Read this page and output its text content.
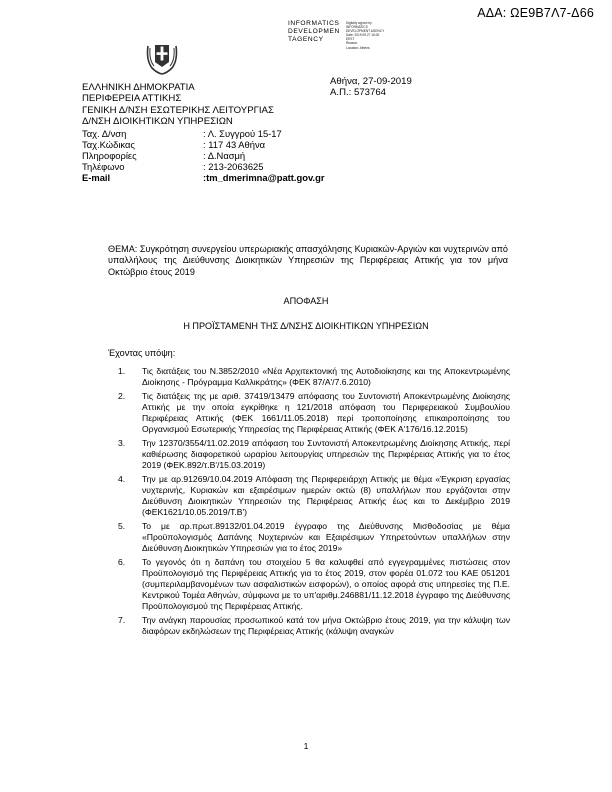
ΑΔΑ: ΩΕ9Β7Λ7-Δ66
INFORMATICS
DEVELOPMEN
TAGENCY
Digitally signed by
INFORMATICS
DEVELOPMENT AGENCY
Date: 2019.09.27 16:00
EEST
Reason:
Location: Athens
ΕΛΛΗΝΙΚΗ ΔΗΜΟΚΡΑΤΙΑ
ΠΕΡΙΦΕΡΕΙΑ ΑΤΤΙΚΗΣ
ΓΕΝΙΚΗ Δ/ΝΣΗ ΕΣΩΤΕΡΙΚΗΣ ΛΕΙΤΟΥΡΓΙΑΣ
Δ/ΝΣΗ ΔΙΟΙΚΗΤΙΚΩΝ ΥΠΗΡΕΣΙΩΝ
Αθήνα, 27-09-2019
Α.Π.: 573764
Ταχ. Δ/νση	: Λ. Συγγρού 15-17
Ταχ.Κώδικας	: 117 43 Αθήνα
Πληροφορίες	: Δ.Νασμή
Τηλέφωνο	: 213-2063625
E-mail	:tm_dmerimna@patt.gov.gr
ΘΕΜΑ: Συγκρότηση συνεργείου υπερωριακής απασχόλησης Κυριακών-Αργιών και νυχτερινών από υπαλλήλους της Διεύθυνσης Διοικητικών Υπηρεσιών της Περιφέρειας Αττικής για τον μήνα Οκτώβριο έτους 2019
ΑΠΟΦΑΣΗ
Η ΠΡΟΪΣΤΑΜΕΝΗ ΤΗΣ Δ/ΝΣΗΣ ΔΙΟΙΚΗΤΙΚΩΝ ΥΠΗΡΕΣΙΩΝ
Έχοντας υπόψη:
1. Τις διατάξεις του Ν.3852/2010 «Νέα Αρχιτεκτονική της Αυτοδιοίκησης και της Αποκεντρωμένης Διοίκησης - Πρόγραμμα Καλλικράτης» (ΦΕΚ 87/Α'/7.6.2010)
2. Τις διατάξεις της με αριθ. 37419/13479 απόφασης του Συντονιστή Αποκεντρωμένης Διοίκησης Αττικής με την οποία εγκρίθηκε η 121/2018 απόφαση του Περιφερειακού Συμβουλίου Περιφέρειας Αττικής (ΦΕΚ 1661/11.05.2018) περί τροποποίησης επικαιροποίησης του Οργανισμού Εσωτερικής Υπηρεσίας της Περιφέρειας Αττικής (ΦΕΚ Α'176/16.12.2015)
3. Την 12370/3554/11.02.2019 απόφαση του Συντονιστή Αποκεντρωμένης Διοίκησης Αττικής, περί καθιέρωσης διαφορετικού ωραρίου λειτουργίας υπηρεσιών της Περιφέρειας Αττικής για το έτος 2019 (ΦΕΚ.892/τ.Β'/15.03.2019)
4. Την με αρ.91269/10.04.2019 Απόφαση της Περιφερειάρχη Αττικής με θέμα «Έγκριση εργασίας νυχτερινής, Κυριακών και εξαιρέσιμων ημερών οκτώ (8) υπαλλήλων που εργάζονται στην Διεύθυνση Διοικητικών Υπηρεσιών της Περιφέρειας Αττικής έως και το Δεκέμβριο 2019 (ΦΕΚ1621/10.05.2019/Τ.Β')
5. Το με αρ.πρωτ.89132/01.04.2019 έγγραφο της Διεύθυνσης Μισθοδοσίας με θέμα «Προϋπολογισμός Δαπάνης Νυχτερινών και Εξαιρέσιμων Υπηρετούντων υπαλλήλων στην Διεύθυνση Διοικητικών Υπηρεσιών για το έτος 2019»
6. Το γεγονός ότι η δαπάνη του στοιχείου 5 θα καλυφθεί από εγγεγραμμένες πιστώσεις στον Προϋπολογισμό της Περιφέρειας Αττικής για το έτος 2019, στον φορέα 01.072 του ΚΑΕ 051201 (συμπεριλαμβανομένων των ασφαλιστικών εισφορών), ο οποίος αφορά στις υπηρεσίες της Π.Ε. Κεντρικού Τομέα Αθηνών, σύμφωνα με το υπ'αριθμ.246881/11.12.2018 έγγραφο της Διεύθυνσης Προϋπολογισμού της Περιφέρειας Αττικής.
7. Την ανάγκη παρουσίας προσωπικού κατά τον μήνα Οκτώβριο έτους 2019, για την κάλυψη των διαφόρων εκδηλώσεων της Περιφέρειας Αττικής (κάλυψη αναγκών
1
